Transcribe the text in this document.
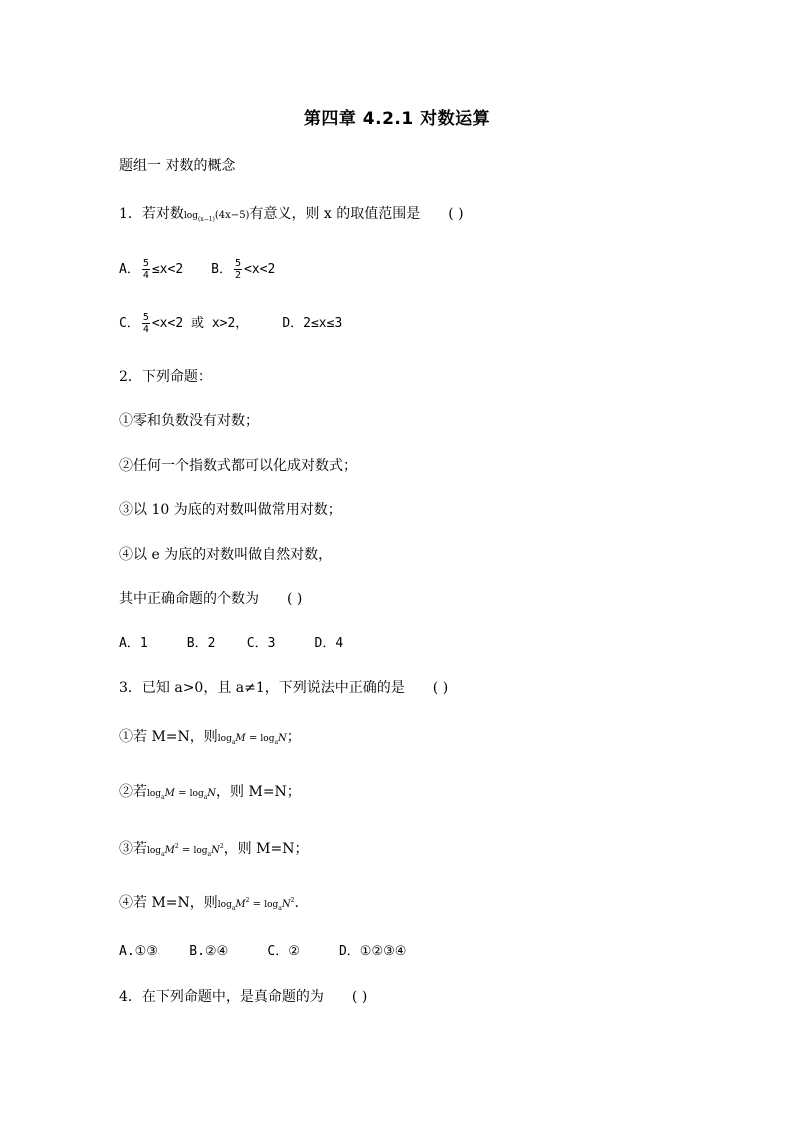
第四章 4.2.1 对数运算
题组一 对数的概念
1．若对数$\log_{(x-1)}(4x-5)$有意义，则 x 的取值范围是 ( )
A． $\frac{5}{4} \le x<2$ B． $\frac{5}{2} <x<2$
C． $\frac{5}{4} <x<2$ 或 x>2，	D．2≤x≤3
2．下列命题：
①零和负数没有对数；
②任何一个指数式都可以化成对数式；
③以 10 为底的对数叫做常用对数；
④以 e 为底的对数叫做自然对数，
其中正确命题的个数为 ( )
A．1     B．2    C．3     D．4
3．已知 a>0，且 a≠1，下列说法中正确的是 ( )
①若 M=N，则$\log_aM = \log_aN$；
②若$\log_aM = \log_aN$，则 M=N；
③若$\log_aM^2 = \log_aN^2$，则 M=N；
④若 M=N，则$\log_aM^2 = \log_aN^2$.
A.①③    B.②④     C．②     D．①②③④
4．在下列命题中，是真命题的为 ( )
